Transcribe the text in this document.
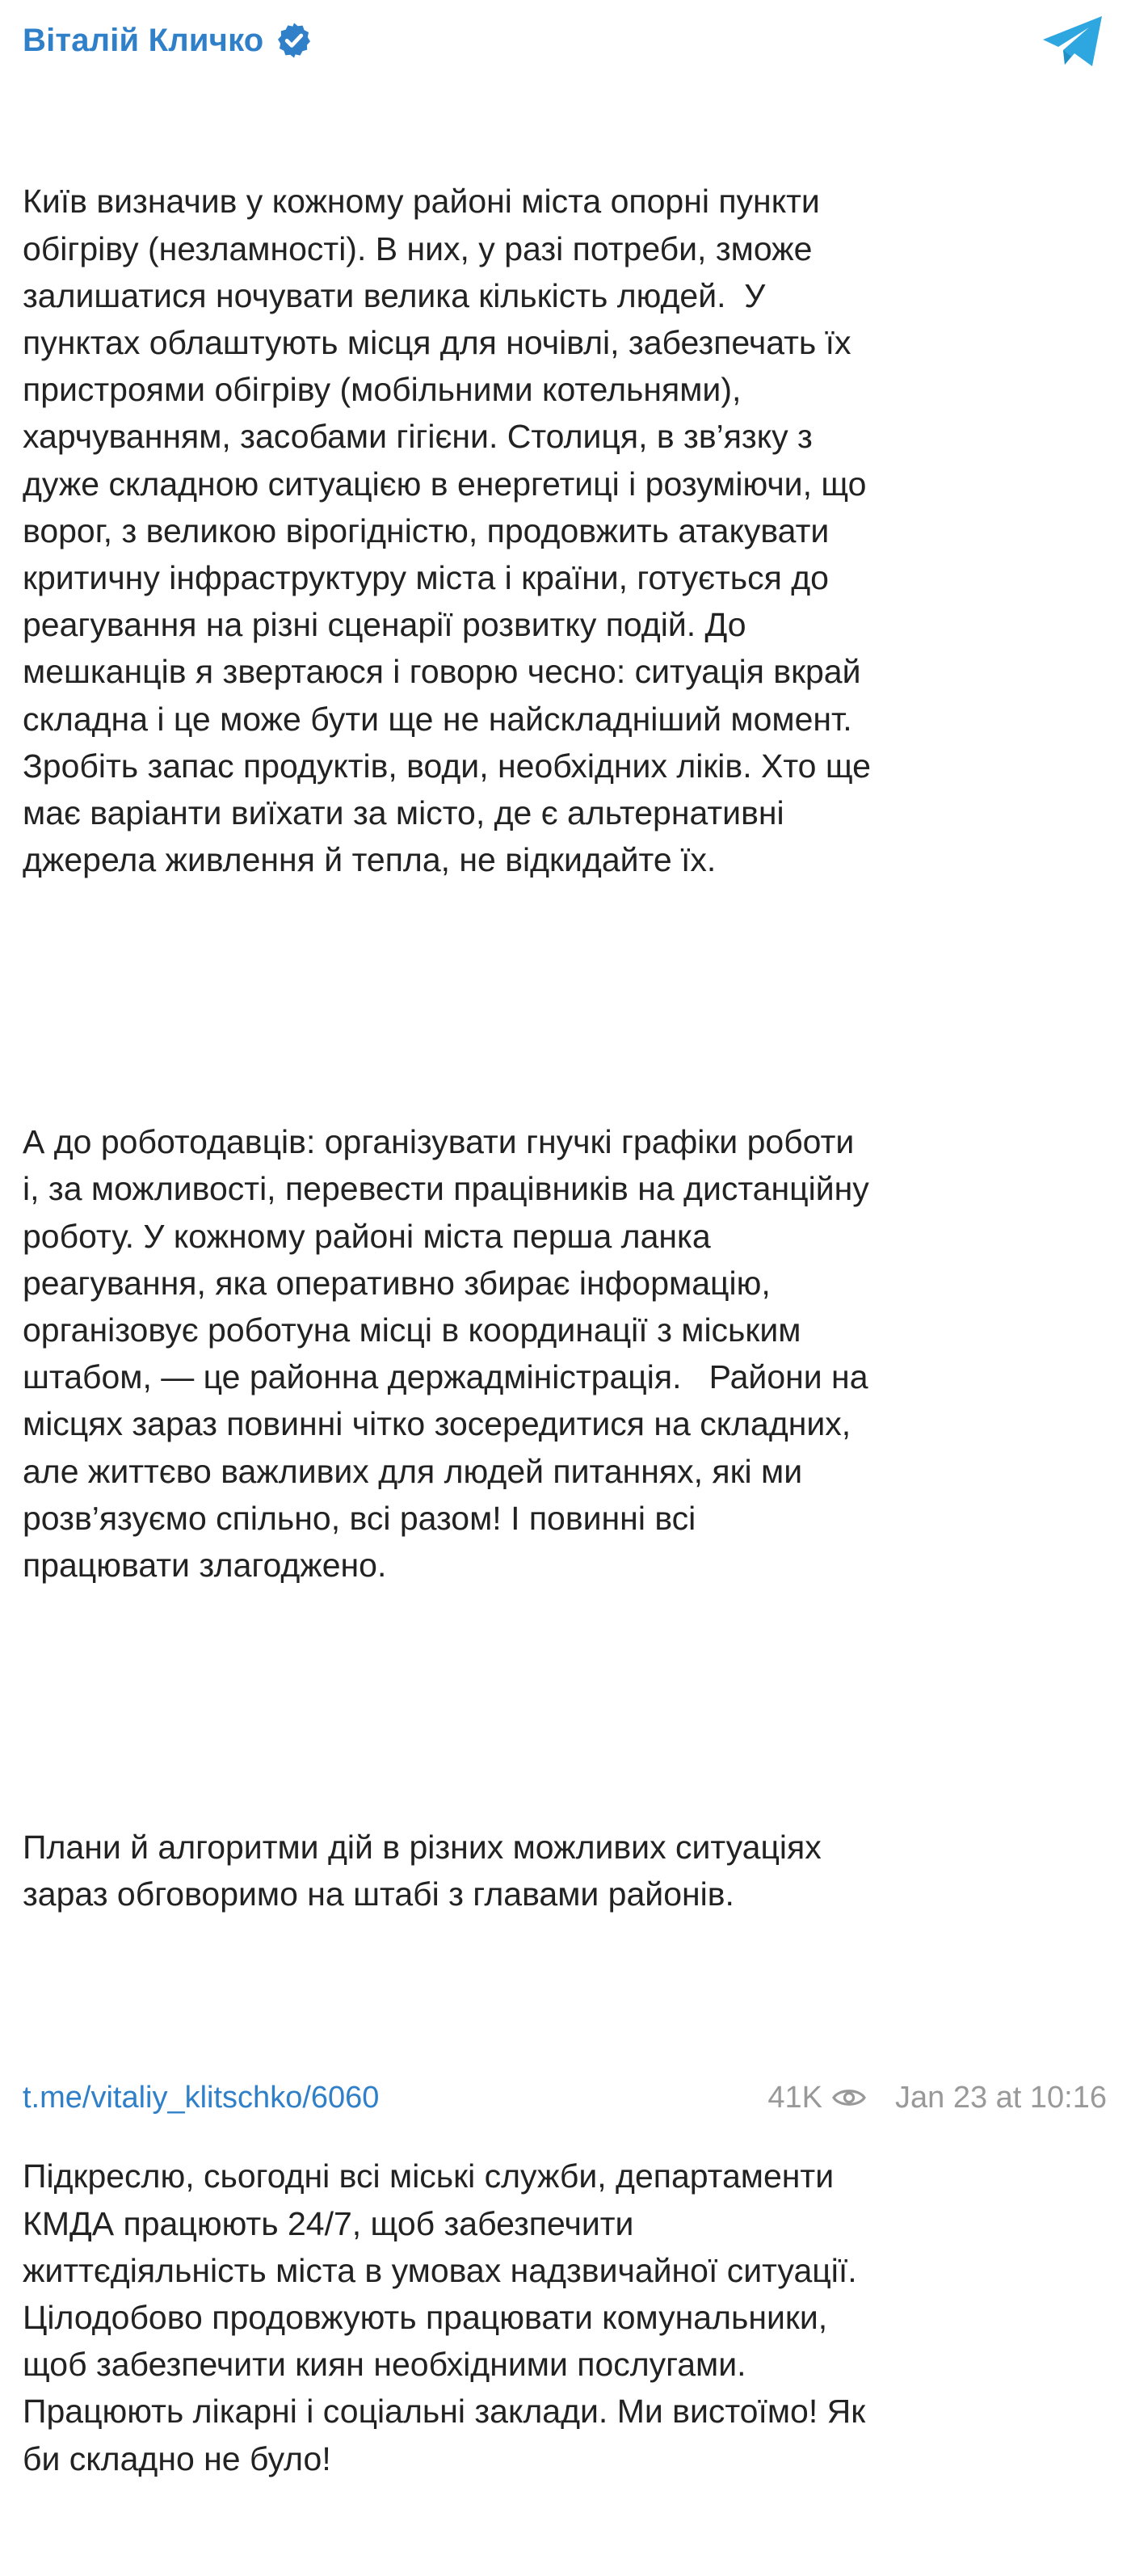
Віталій Кличко

Київ визначив у кожному районі міста опорні пункти
обігріву (незламності). В них, у разі потреби, зможе
залишатися ночувати велика кількість людей.  У
пунктах облаштують місця для ночівлі, забезпечать їх
пристроями обігріву (мобільними котельнями),
харчуванням, засобами гігієни. Столиця, в зв’язку з
дуже складною ситуацією в енергетиці і розуміючи, що
ворог, з великою вірогідністю, продовжить атакувати
критичну інфраструктуру міста і країни, готується до
реагування на різні сценарії розвитку подій. До
мешканців я звертаюся і говорю чесно: ситуація вкрай
складна і це може бути ще не найскладніший момент.
Зробіть запас продуктів, води, необхідних ліків. Хто ще
має варіанти виїхати за місто, де є альтернативні
джерела живлення й тепла, не відкидайте їх.

А до роботодавців: організувати гнучкі графіки роботи
і, за можливості, перевести працівників на дистанційну
роботу. У кожному районі міста перша ланка
реагування, яка оперативно збирає інформацію,
організовує роботуна місці в координації з міським
штабом, — це районна держадміністрація.   Райони на
місцях зараз повинні чітко зосередитися на складних,
але життєво важливих для людей питаннях, які ми
розв’язуємо спільно, всі разом! І повинні всі
працювати злагоджено.

Плани й алгоритми дій в різних можливих ситуаціях
зараз обговоримо на штабі з главами районів.

Підкреслю, сьогодні всі міські служби, департаменти
КМДА працюють 24/7, щоб забезпечити
життєдіяльність міста в умовах надзвичайної ситуації.
Цілодобово продовжують працювати комунальники,
щоб забезпечити киян необхідними послугами.
Працюють лікарні і соціальні заклади. Ми вистоїмо! Як
би складно не було!

t.me/vitaliy_klitschko/6060	41K Jan 23 at 10:16
